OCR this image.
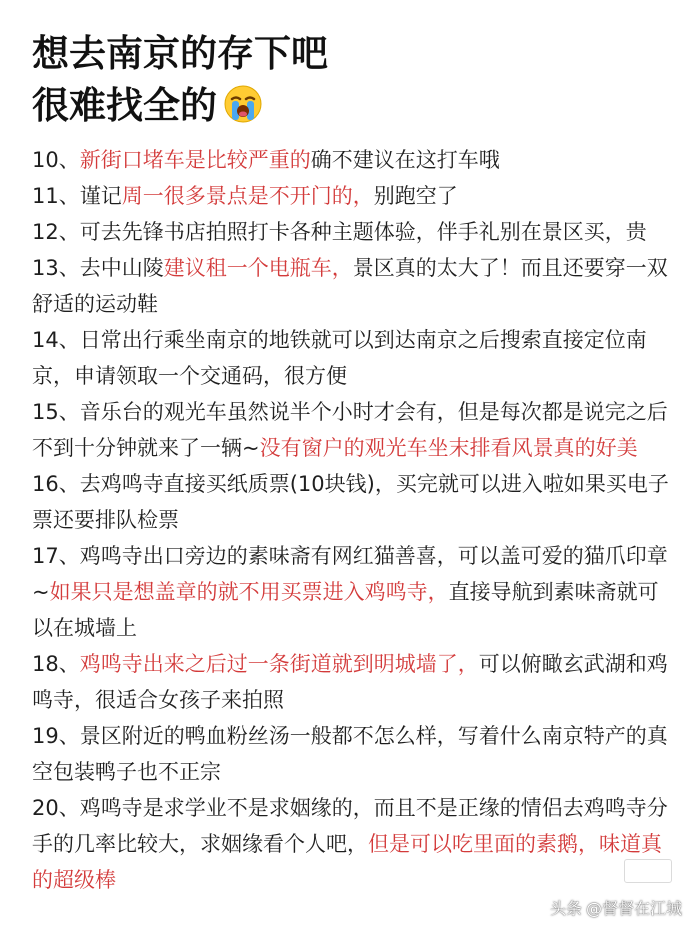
想去南京的存下吧
很难找全的

10、新街口堵车是比较严重的确不建议在这打车哦

11、谨记周一很多景点是不开门的，别跑空了

12、可去先锋书店拍照打卡各种主题体验，伴手礼别在景区买，贵

13、去中山陵建议租一个电瓶车，景区真的太大了！而且还要穿一双舒适的运动鞋

14、日常出行乘坐南京的地铁就可以到达南京之后搜索直接定位南京，申请领取一个交通码，很方便

15、音乐台的观光车虽然说半个小时才会有，但是每次都是说完之后不到十分钟就来了一辆~没有窗户的观光车坐末排看风景真的好美

16、去鸡鸣寺直接买纸质票(10块钱)，买完就可以进入啦如果买电子票还要排队检票

17、鸡鸣寺出口旁边的素味斋有网红猫善喜，可以盖可爱的猫爪印章~如果只是想盖章的就不用买票进入鸡鸣寺，直接导航到素味斋就可以在城墙上

18、鸡鸣寺出来之后过一条街道就到明城墙了，可以俯瞰玄武湖和鸡鸣寺，很适合女孩子来拍照

19、景区附近的鸭血粉丝汤一般都不怎么样，写着什么南京特产的真空包装鸭子也不正宗

20、鸡鸣寺是求学业不是求姻缘的，而且不是正缘的情侣去鸡鸣寺分手的几率比较大，求姻缘看个人吧，但是可以吃里面的素鹅，味道真的超级棒

头条 @督督在江城
